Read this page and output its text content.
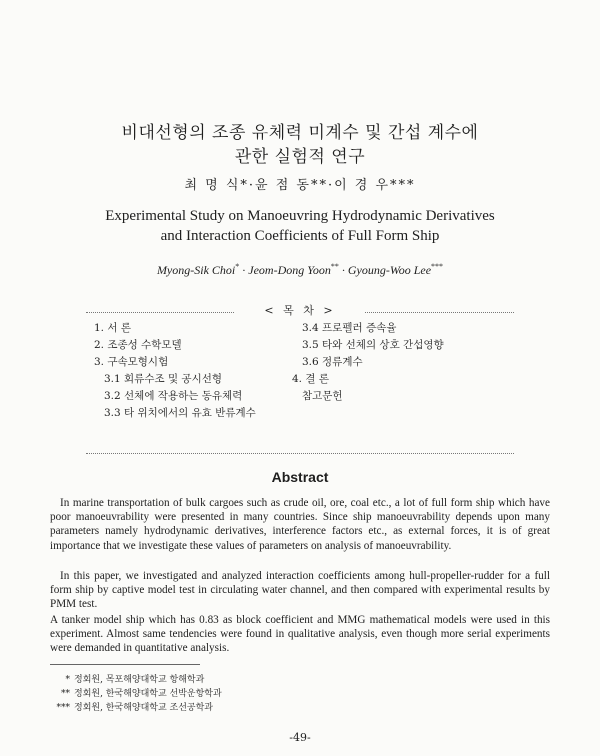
비대선형의 조종 유체력 미계수 및 간섭 계수에
관한 실험적 연구
최 명 식*·윤 점 동**·이 경 우***
Experimental Study on Manoeuvring Hydrodynamic Derivatives
and Interaction Coefficients of Full Form Ship
Myong-Sik Choi* · Jeom-Dong Yoon** · Gyoung-Woo Lee***
< 목 차 >
1. 서 론
2. 조종성 수학모델
3. 구속모형시험
3.1 회류수조 및 공시선형
3.2 선체에 작용하는 동유체력
3.3 타 위치에서의 유효 반류계수
3.4 프로펠러 증속율
3.5 타와 선체의 상호 간섭영향
3.6 정류계수
4. 결 론
참고문헌
Abstract

In marine transportation of bulk cargoes such as crude oil, ore, coal etc., a lot of full form ship which have poor manoeuvrability were presented in many countries. Since ship manoeuvrability depends upon many parameters namely hydrodynamic derivatives, interference factors etc., as external forces, it is of great importance that we investigate these values of parameters on analysis of manoeuvrability.

In this paper, we investigated and analyzed interaction coefficients among hull-propeller-rudder for a full form ship by captive model test in circulating water channel, and then compared with experimental results by PMM test.

A tanker model ship which has 0.83 as block coefficient and MMG mathematical models were used in this experiment. Almost same tendencies were found in qualitative analysis, even though more serial experiments were demanded in quantitative analysis.

* 정회원, 목포해양대학교 항해학과
** 정회원, 한국해양대학교 선박운항학과
*** 정회원, 한국해양대학교 조선공학과
-49-
